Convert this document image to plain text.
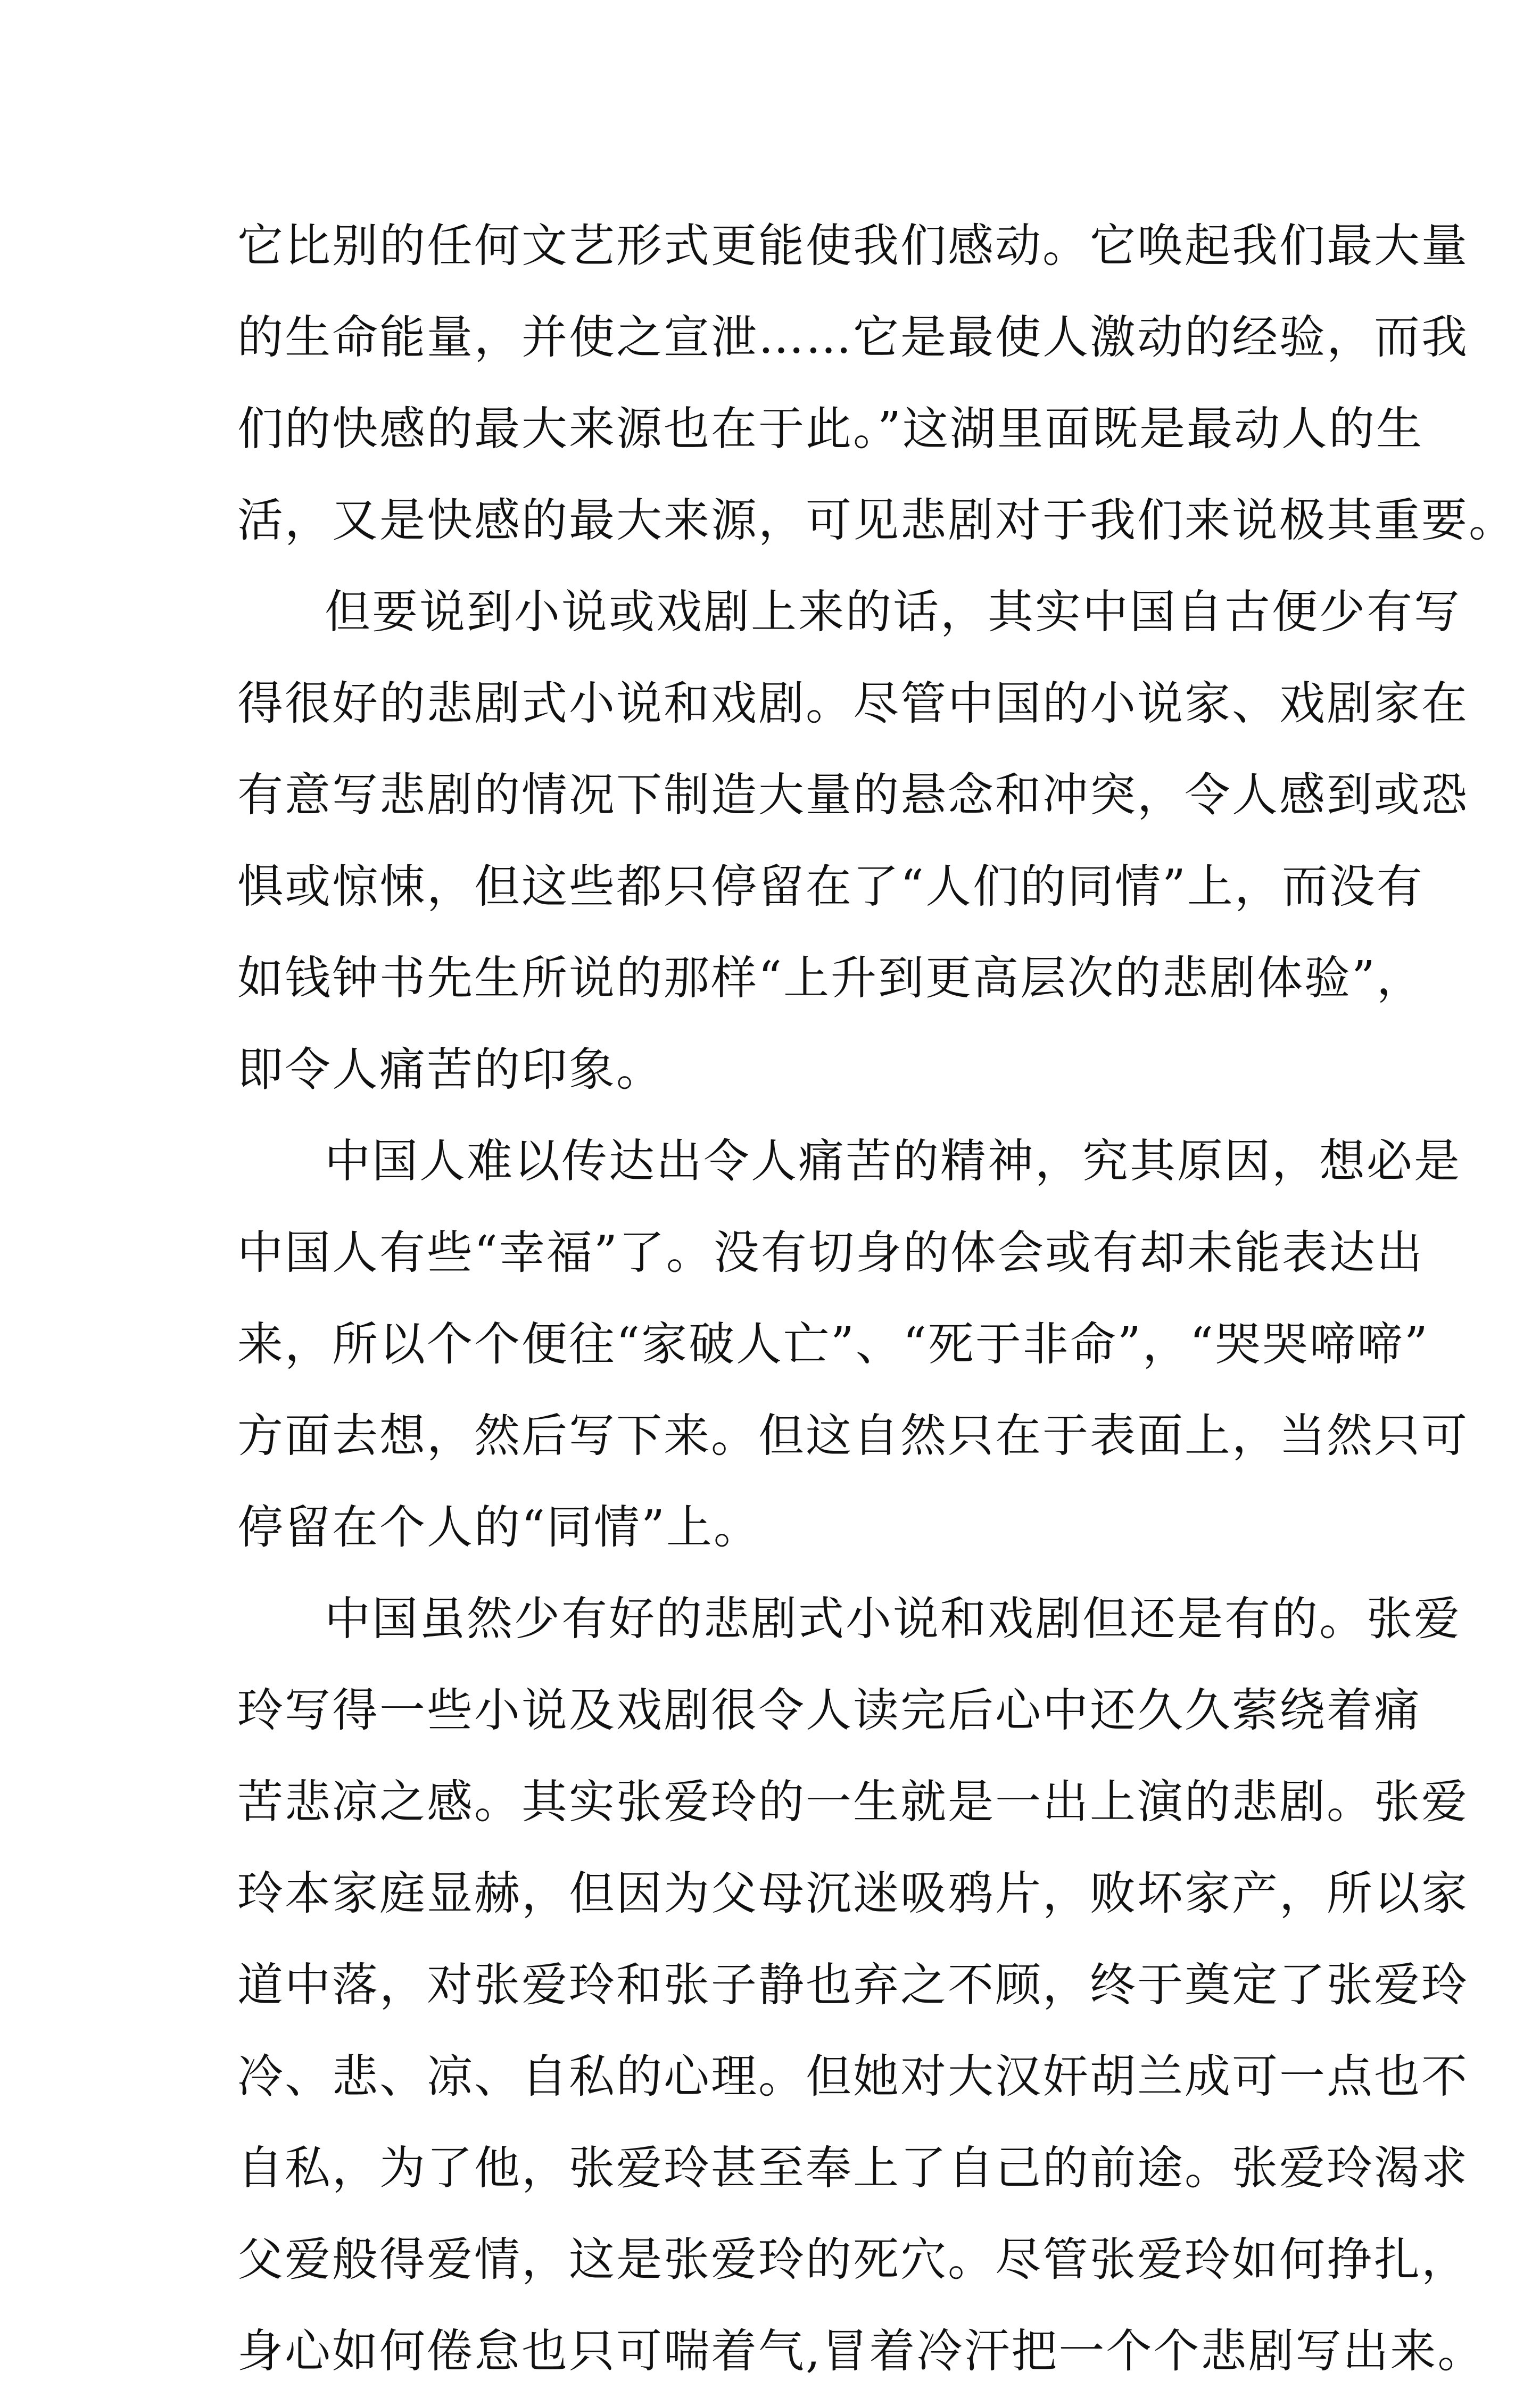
它比别的任何文艺形式更能使我们感动。它唤起我们最大量
的生命能量，并使之宣泄……它是最使人激动的经验，而我
们的快感的最大来源也在于此。”这湖里面既是最动人的生
活，又是快感的最大来源，可见悲剧对于我们来说极其重要。
但要说到小说或戏剧上来的话，其实中国自古便少有写
得很好的悲剧式小说和戏剧。尽管中国的小说家、戏剧家在
有意写悲剧的情况下制造大量的悬念和冲突，令人感到或恐
惧或惊悚，但这些都只停留在了“人们的同情”上，而没有
如钱钟书先生所说的那样“上升到更高层次的悲剧体验”，
即令人痛苦的印象。
中国人难以传达出令人痛苦的精神，究其原因，想必是
中国人有些“幸福”了。没有切身的体会或有却未能表达出
来，所以个个便往“家破人亡”、“死于非命”，“哭哭啼啼”
方面去想，然后写下来。但这自然只在于表面上，当然只可
停留在个人的“同情”上。
中国虽然少有好的悲剧式小说和戏剧但还是有的。张爱
玲写得一些小说及戏剧很令人读完后心中还久久萦绕着痛
苦悲凉之感。其实张爱玲的一生就是一出上演的悲剧。张爱
玲本家庭显赫，但因为父母沉迷吸鸦片，败坏家产，所以家
道中落，对张爱玲和张子静也弃之不顾，终于奠定了张爱玲
冷、悲、凉、自私的心理。但她对大汉奸胡兰成可一点也不
自私，为了他，张爱玲甚至奉上了自己的前途。张爱玲渴求
父爱般得爱情，这是张爱玲的死穴。尽管张爱玲如何挣扎，
身心如何倦怠也只可喘着气,冒着冷汗把一个个悲剧写出来。
